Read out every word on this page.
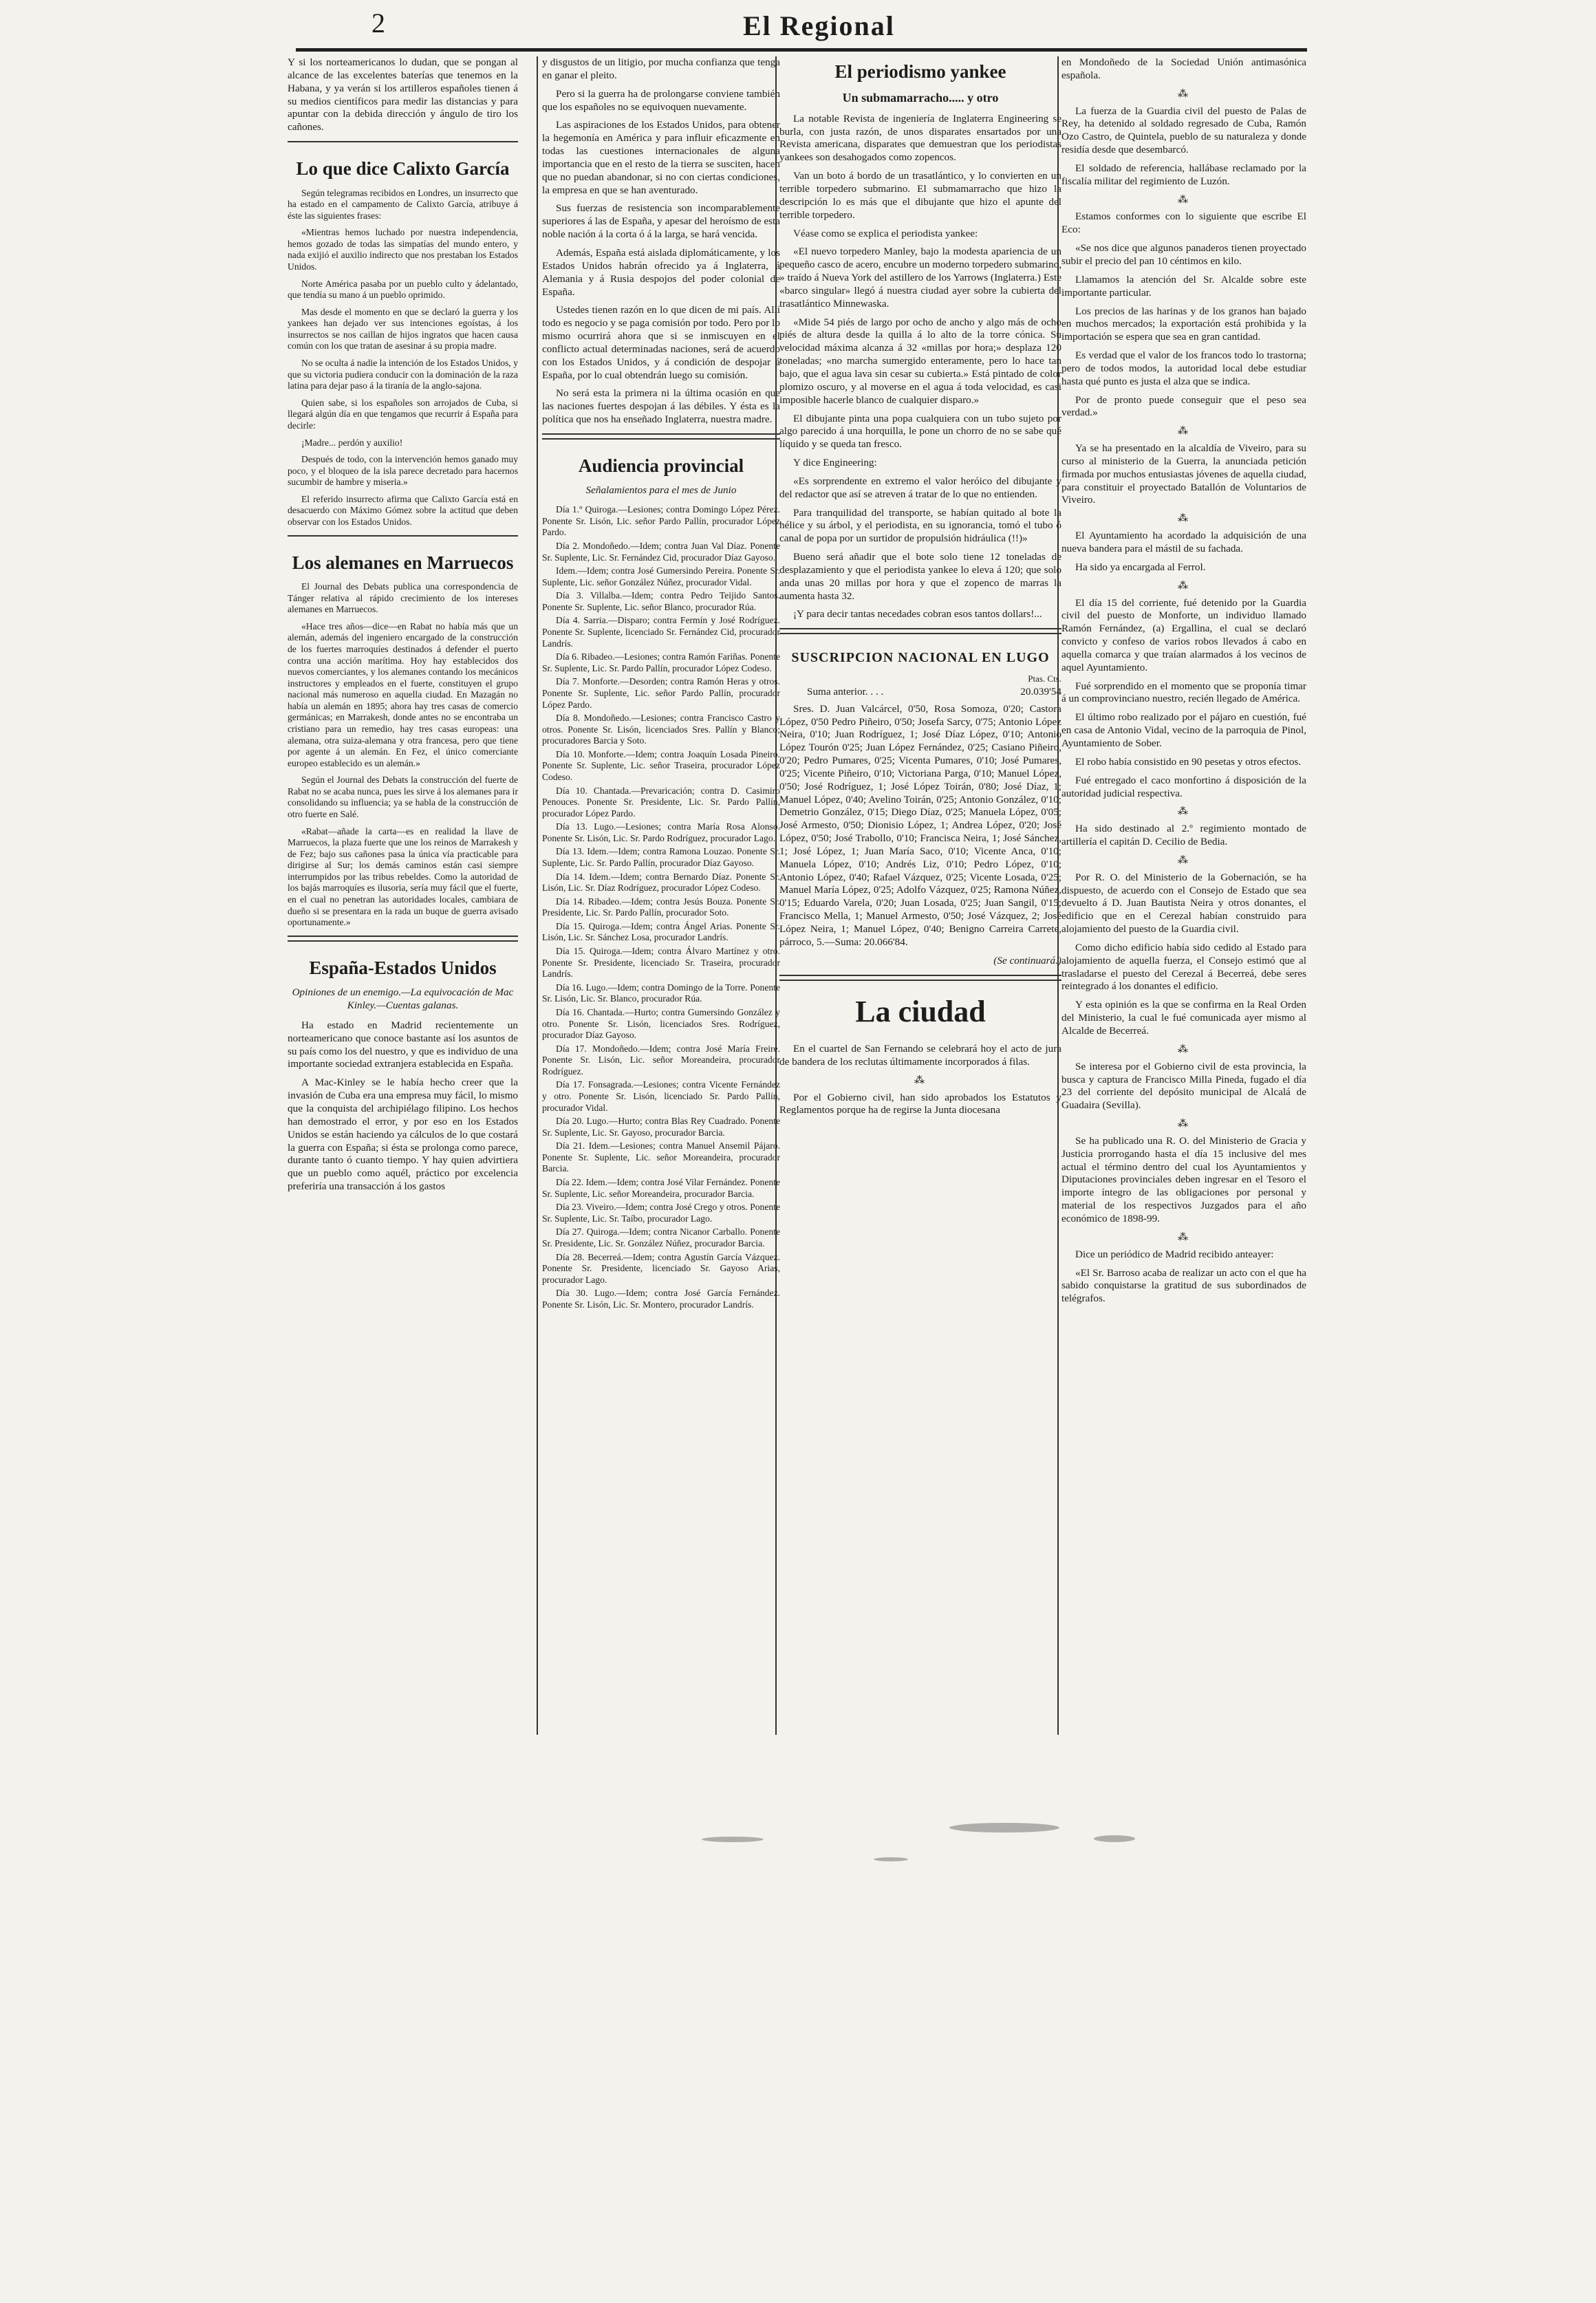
2	El Regional

Y si los norteamericanos lo dudan, que se pongan al alcance de las excelentes baterías que tenemos en la Habana, y ya verán si los artilleros españoles tienen á su medios científicos para medir las distancias y para apuntar con la debida dirección y ángulo de tiro los cañones.

Lo que dice Calixto García

Según telegramas recibidos en Londres, un insurrecto que ha estado en el campamento de Calixto García, atribuye á éste las siguientes frases:

«Mientras hemos luchado por nuestra independencia, hemos gozado de todas las simpatías del mundo entero, y nada exijió el auxilio indirecto que nos prestaban los Estados Unidos.

Norte América pasaba por un pueblo culto y ádelantado, que tendía su mano á un pueblo oprimido.

Mas desde el momento en que se declaró la guerra y los yankees han dejado ver sus intenciones egoístas, á los insurrectos se nos caillan de hijos ingratos que hacen causa común con los que tratan de asesinar á su propia madre.

No se oculta á nadie la intención de los Estados Unidos, y que su victoria pudiera conducir con la dominación de la raza latina para dejar paso á la tiranía de la anglo-sajona.

Quien sabe, si los españoles son arrojados de Cuba, si llegará algún día en que tengamos que recurrir á España para decirle:

¡Madre... perdón y auxilio!

Después de todo, con la intervención hemos ganado muy poco, y el bloqueo de la isla parece decretado para hacernos sucumbir de hambre y miseria.»

El referido insurrecto afirma que Calixto García está en desacuerdo con Máximo Gómez sobre la actitud que deben observar con los Estados Unidos.

Los alemanes en Marruecos

El Journal des Debats publica una correspondencia de Tánger relativa al rápido crecimiento de los intereses alemanes en Marruecos.

«Hace tres años—dice—en Rabat no había más que un alemán, además del ingeniero encargado de la construcción de los fuertes marroquíes destinados á defender el puerto contra una acción marítima. Hoy hay establecidos dos nuevos comerciantes, y los alemanes contando los mecánicos instructores y empleados en el fuerte, constituyen el grupo nacional más numeroso en aquella ciudad. En Mazagán no había un alemán en 1895; ahora hay tres casas de comercio germánicas; en Marrakesh, donde antes no se encontraba un cristiano para un remedio, hay tres casas europeas: una alemana, otra suiza-alemana y otra francesa, pero que tiene por agente á un alemán. En Fez, el único comerciante europeo establecido es un alemán.»

Según el Journal des Debats la construcción del fuerte de Rabat no se acaba nunca, pues les sirve á los alemanes para ir consolidando su influencia; ya se habla de la construcción de otro fuerte en Salé.

«Rabat—añade la carta—es en realidad la llave de Marruecos, la plaza fuerte que une los reinos de Marrakesh y de Fez; bajo sus cañones pasa la única vía practicable para dirigirse al Sur; los demás caminos están casi siempre interrumpidos por las tribus rebeldes. Como la autoridad de los bajás marroquíes es ilusoria, sería muy fácil que el fuerte, en el cual no penetran las autoridades locales, cambiara de dueño si se presentara en la rada un buque de guerra avisado oportunamente.»

España-Estados Unidos
Opiniones de un enemigo.—La equivocación de Mac Kinley.—Cuentas galanas.

Ha estado en Madrid recientemente un norteamericano que conoce bastante así los asuntos de su país como los del nuestro, y que es individuo de una importante sociedad extranjera establecida en España.

A Mac-Kinley se le había hecho creer que la invasión de Cuba era una empresa muy fácil, lo mismo que la conquista del archipiélago filipino. Los hechos han demostrado el error, y por eso en los Estados Unidos se están haciendo ya cálculos de lo que costará la guerra con España; si ésta se prolonga como parece, durante tanto ó cuanto tiempo. Y hay quien advirtiera que un pueblo como aquél, práctico por excelencia preferiría una transacción á los gastos

y disgustos de un litigio, por mucha confianza que tenga en ganar el pleito.

Pero si la guerra ha de prolongarse conviene también que los españoles no se equivoquen nuevamente.

Las aspiraciones de los Estados Unidos, para obtener la hegemonía en América y para influir eficazmente en todas las cuestiones internacionales de alguna importancia que en el resto de la tierra se susciten, hacen que no puedan abandonar, si no con ciertas condiciones, la empresa en que se han aventurado.

Sus fuerzas de resistencia son incomparablemente superiores á las de España, y apesar del heroísmo de esta noble nación á la corta ó á la larga, se hará vencida.

Además, España está aislada diplomáticamente, y los Estados Unidos habrán ofrecido ya á Inglaterra, á Alemania y á Rusia despojos del poder colonial de España.

Ustedes tienen razón en lo que dicen de mi país. Allí todo es negocio y se paga comisión por todo. Pero por lo mismo ocurrirá ahora que si se inmiscuyen en el conflicto actual determinadas naciones, será de acuerdo con los Estados Unidos, y á condición de despojar á España, por lo cual obtendrán luego su comisión.

No será esta la primera ni la última ocasión en que las naciones fuertes despojan á las débiles. Y ésta es la política que nos ha enseñado Inglaterra, nuestra madre.

Audiencia provincial
Señalamientos para el mes de Junio

Día 1.º Quiroga.—Lesiones; contra Domingo López Pérez. Ponente Sr. Lisón, Lic. señor Pardo Pallín, procurador López Pardo.

Día 2. Mondoñedo.—Idem; contra Juan Val Díaz. Ponente Sr. Suplente, Lic. Sr. Fernández Cid, procurador Díaz Gayoso.

Idem.—Idem; contra José Gumersindo Pereira. Ponente Sr. Suplente, Lic. señor González Núñez, procurador Vidal.

Día 3. Villalba.—Idem; contra Pedro Teijido Santos. Ponente Sr. Suplente, Lic. señor Blanco, procurador Rúa.

Día 4. Sarria.—Disparo; contra Fermín y José Rodríguez. Ponente Sr. Suplente, licenciado Sr. Fernández Cid, procurador Landrís.

Día 6. Ribadeo.—Lesiones; contra Ramón Fariñas. Ponente Sr. Suplente, Lic. Sr. Pardo Pallín, procurador López Codeso.

Día 7. Monforte.—Desorden; contra Ramón Heras y otros. Ponente Sr. Suplente, Lic. señor Pardo Pallín, procurador López Pardo.

Día 8. Mondoñedo.—Lesiones; contra Francisco Castro y otros. Ponente Sr. Lisón, licenciados Sres. Pallín y Blanco; procuradores Barcia y Soto.

Día 10. Monforte.—Idem; contra Joaquín Losada Pineiro. Ponente Sr. Suplente, Lic. señor Traseira, procurador López Codeso.

Día 10. Chantada.—Prevaricación; contra D. Casimiro Penouces. Ponente Sr. Presidente, Lic. Sr. Pardo Pallín, procurador López Pardo.

Día 13. Lugo.—Lesiones; contra María Rosa Alonso. Ponente Sr. Lisón, Lic. Sr. Pardo Rodríguez, procurador Lago.

Día 13. Idem.—Idem; contra Ramona Louzao. Ponente Sr. Suplente, Lic. Sr. Pardo Pallín, procurador Díaz Gayoso.

Día 14. Idem.—Idem; contra Bernardo Díaz. Ponente Sr. Lisón, Lic. Sr. Díaz Rodríguez, procurador López Codeso.

Día 14. Ribadeo.—Idem; contra Jesús Bouza. Ponente Sr. Presidente, Lic. Sr. Pardo Pallín, procurador Soto.

Día 15. Quiroga.—Idem; contra Ángel Arias. Ponente Sr. Lisón, Lic. Sr. Sánchez Losa, procurador Landrís.

Día 15. Quiroga.—Idem; contra Álvaro Martínez y otro. Ponente Sr. Presidente, licenciado Sr. Traseira, procurador Landrís.

Día 16. Lugo.—Idem; contra Domingo de la Torre. Ponente Sr. Lisón, Lic. Sr. Blanco, procurador Rúa.

Día 16. Chantada.—Hurto; contra Gumersindo González y otro. Ponente Sr. Lisón, licenciados Sres. Rodríguez, procurador Díaz Gayoso.

Día 17. Mondoñedo.—Idem; contra José María Freire. Ponente Sr. Lisón, Lic. señor Moreandeira, procurador Rodríguez.

Día 17. Fonsagrada.—Lesiones; contra Vicente Fernández y otro. Ponente Sr. Lisón, licenciado Sr. Pardo Pallín, procurador Vidal.

Día 20. Lugo.—Hurto; contra Blas Rey Cuadrado. Ponente Sr. Suplente, Lic. Sr. Gayoso, procurador Barcia.

Día 21. Idem.—Lesiones; contra Manuel Ansemil Pájaro. Ponente Sr. Suplente, Lic. señor Moreandeira, procurador Barcia.

Día 22. Idem.—Idem; contra José Vilar Fernández. Ponente Sr. Suplente, Lic. señor Moreandeira, procurador Barcia.

Día 23. Viveiro.—Idem; contra José Crego y otros. Ponente Sr. Suplente, Lic. Sr. Taíbo, procurador Lago.

Día 27. Quiroga.—Idem; contra Nicanor Carballo. Ponente Sr. Presidente, Lic. Sr. González Núñez, procurador Barcia.

Día 28. Becerreá.—Idem; contra Agustín García Vázquez. Ponente Sr. Presidente, licenciado Sr. Gayoso Arias, procurador Lago.

Día 30. Lugo.—Idem; contra José García Fernández. Ponente Sr. Lisón, Lic. Sr. Montero, procurador Landrís.

El periodismo yankee
Un submamarracho..... y otro

La notable Revista de ingeniería de Inglaterra Engineering se burla, con justa razón, de unos disparates ensartados por una Revista americana, disparates que demuestran que los periodistas yankees son desahogados como zopencos.

Van un boto á bordo de un trasatlántico, y lo convierten en un terrible torpedero submarino. El submamarracho que hizo la descripción lo es más que el dibujante que hizo el apunte del terrible torpedero.

Véase como se explica el periodista yankee:

«El nuevo torpedero Manley, bajo la modesta apariencia de un pequeño casco de acero, encubre un moderno torpedero submarino, » traído á Nueva York del astillero de los Yarrows (Inglaterra.) Este «barco singular» llegó á nuestra ciudad ayer sobre la cubierta del trasatlántico Minnewaska.

«Mide 54 piés de largo por ocho de ancho y algo más de ocho piés de altura desde la quilla á lo alto de la torre cónica. Su velocidad máxima alcanza á 32 «millas por hora;» desplaza 120 toneladas; «no marcha sumergido enteramente, pero lo hace tan bajo, que el agua lava sin cesar su cubierta.» Está pintado de color plomizo oscuro, y al moverse en el agua á toda velocidad, es casi imposible hacerle blanco de cualquier disparo.»

El dibujante pinta una popa cualquiera con un tubo sujeto por algo parecido á una horquilla, le pone un chorro de no se sabe qué líquido y se queda tan fresco.

Y dice Engineering:

«Es sorprendente en extremo el valor heróico del dibujante y del redactor que así se atreven á tratar de lo que no entienden.

Para tranquilidad del transporte, se habían quitado al bote la hélice y su árbol, y el periodista, en su ignorancia, tomó el tubo ó canal de popa por un surtidor de propulsión hidráulica (!!)»

Bueno será añadir que el bote solo tiene 12 toneladas de desplazamiento y que el periodista yankee lo eleva á 120; que solo anda unas 20 millas por hora y que el zopenco de marras la aumenta hasta 32.

¡Y para decir tantas necedades cobran esos tantos dollars!...

SUSCRIPCION NACIONAL EN LUGO
Ptas. Cts.
Suma anterior. . . .	20.039'54

Sres. D. Juan Valcárcel, 0'50, Rosa Somoza, 0'20; Castora López, 0'50 Pedro Piñeiro, 0'50; Josefa Sarcy, 0'75; Antonio López Neira, 0'10; Juan Rodríguez, 1; José Díaz López, 0'10; Antonio López Tourón 0'25; Juan López Fernández, 0'25; Casiano Piñeiro, 0'20; Pedro Pumares, 0'25; Vicenta Pumares, 0'10; José Pumares, 0'25; Vicente Piñeiro, 0'10; Victoriana Parga, 0'10; Manuel López, 0'50; José Rodríguez, 1; José López Toirán, 0'80; José Díaz, 1; Manuel López, 0'40; Avelino Toirán, 0'25; Antonio González, 0'10; Demetrio González, 0'15; Diego Díaz, 0'25; Manuela López, 0'05; José Armesto, 0'50; Dionisio López, 1; Andrea López, 0'20; José López, 0'50; José Trabollo, 0'10; Francisca Neira, 1; José Sánchez, 1; José López, 1; Juan María Saco, 0'10; Vicente Anca, 0'10; Manuela López, 0'10; Andrés Liz, 0'10; Pedro López, 0'10; Antonio López, 0'40; Rafael Vázquez, 0'25; Vicente Losada, 0'25; Manuel María López, 0'25; Adolfo Vázquez, 0'25; Ramona Núñez, 0'15; Eduardo Varela, 0'20; Juan Losada, 0'25; Juan Sangil, 0'15; Francisco Mella, 1; Manuel Armesto, 0'50; José Vázquez, 2; José López Neira, 1; Manuel López, 0'40; Benigno Carreira Carrete, párroco, 5.—Suma: 20.066'84.

(Se continuará.)
La ciudad

En el cuartel de San Fernando se celebrará hoy el acto de jura de bandera de los reclutas últimamente incorporados á filas.

⁂

Por el Gobierno civil, han sido aprobados los Estatutos y Reglamentos porque ha de regirse la Junta diocesana

en Mondoñedo de la Sociedad Unión antimasónica española.

⁂

La fuerza de la Guardia civil del puesto de Palas de Rey, ha detenido al soldado regresado de Cuba, Ramón Ozo Castro, de Quintela, pueblo de su naturaleza y donde residía desde que desembarcó.

El soldado de referencia, hallábase reclamado por la fiscalía militar del regimiento de Luzón.

⁂

Estamos conformes con lo siguiente que escribe El Eco:

«Se nos dice que algunos panaderos tienen proyectado subir el precio del pan 10 céntimos en kilo.

Llamamos la atención del Sr. Alcalde sobre este importante particular.

Los precios de las harinas y de los granos han bajado en muchos mercados; la exportación está prohibida y la importación se espera que sea en gran cantidad.

Es verdad que el valor de los francos todo lo trastorna; pero de todos modos, la autoridad local debe estudiar hasta qué punto es justa el alza que se indica.

Por de pronto puede conseguir que el peso sea verdad.»

⁂

Ya se ha presentado en la alcaldía de Viveiro, para su curso al ministerio de la Guerra, la anunciada petición firmada por muchos entusiastas jóvenes de aquella ciudad, para constituir el proyectado Batallón de Voluntarios de Viveiro.

⁂

El Ayuntamiento ha acordado la adquisición de una nueva bandera para el mástil de su fachada.

Ha sido ya encargada al Ferrol.

⁂

El día 15 del corriente, fué detenido por la Guardia civil del puesto de Monforte, un individuo llamado Ramón Fernández, (a) Ergallina, el cual se declaró convicto y confeso de varios robos llevados á cabo en aquella comarca y que traían alarmados á los vecinos de aquel Ayuntamiento.

Fué sorprendido en el momento que se proponía timar á un comprovinciano nuestro, recién llegado de América.

El último robo realizado por el pájaro en cuestión, fué en casa de Antonio Vidal, vecino de la parroquia de Pinol, Ayuntamiento de Sober.

El robo había consistido en 90 pesetas y otros efectos.

Fué entregado el caco monfortino á disposición de la autoridad judicial respectiva.

⁂

Ha sido destinado al 2.º regimiento montado de artillería el capitán D. Cecilio de Bedia.

⁂

Por R. O. del Ministerio de la Gobernación, se ha dispuesto, de acuerdo con el Consejo de Estado que sea devuelto á D. Juan Bautista Neira y otros donantes, el edificio que en el Cerezal habían construido para alojamiento del puesto de la Guardia civil.

Como dicho edificio había sido cedido al Estado para alojamiento de aquella fuerza, el Consejo estimó que al trasladarse el puesto del Cerezal á Becerreá, debe seres reintegrado á los donantes el edificio.

Y esta opinión es la que se confirma en la Real Orden del Ministerio, la cual le fué comunicada ayer mismo al Alcalde de Becerreá.

⁂

Se interesa por el Gobierno civil de esta provincia, la busca y captura de Francisco Milla Pineda, fugado el día 23 del corriente del depósito municipal de Alcalá de Guadaira (Sevilla).

⁂

Se ha publicado una R. O. del Ministerio de Gracia y Justicia prorrogando hasta el día 15 inclusive del mes actual el término dentro del cual los Ayuntamientos y Diputaciones provinciales deben ingresar en el Tesoro el importe íntegro de las obligaciones por personal y material de los respectivos Juzgados para el año económico de 1898-99.

⁂

Dice un periódico de Madrid recibido anteayer:

«El Sr. Barroso acaba de realizar un acto con el que ha sabido conquistarse la gratitud de sus subordinados de telégrafos.
